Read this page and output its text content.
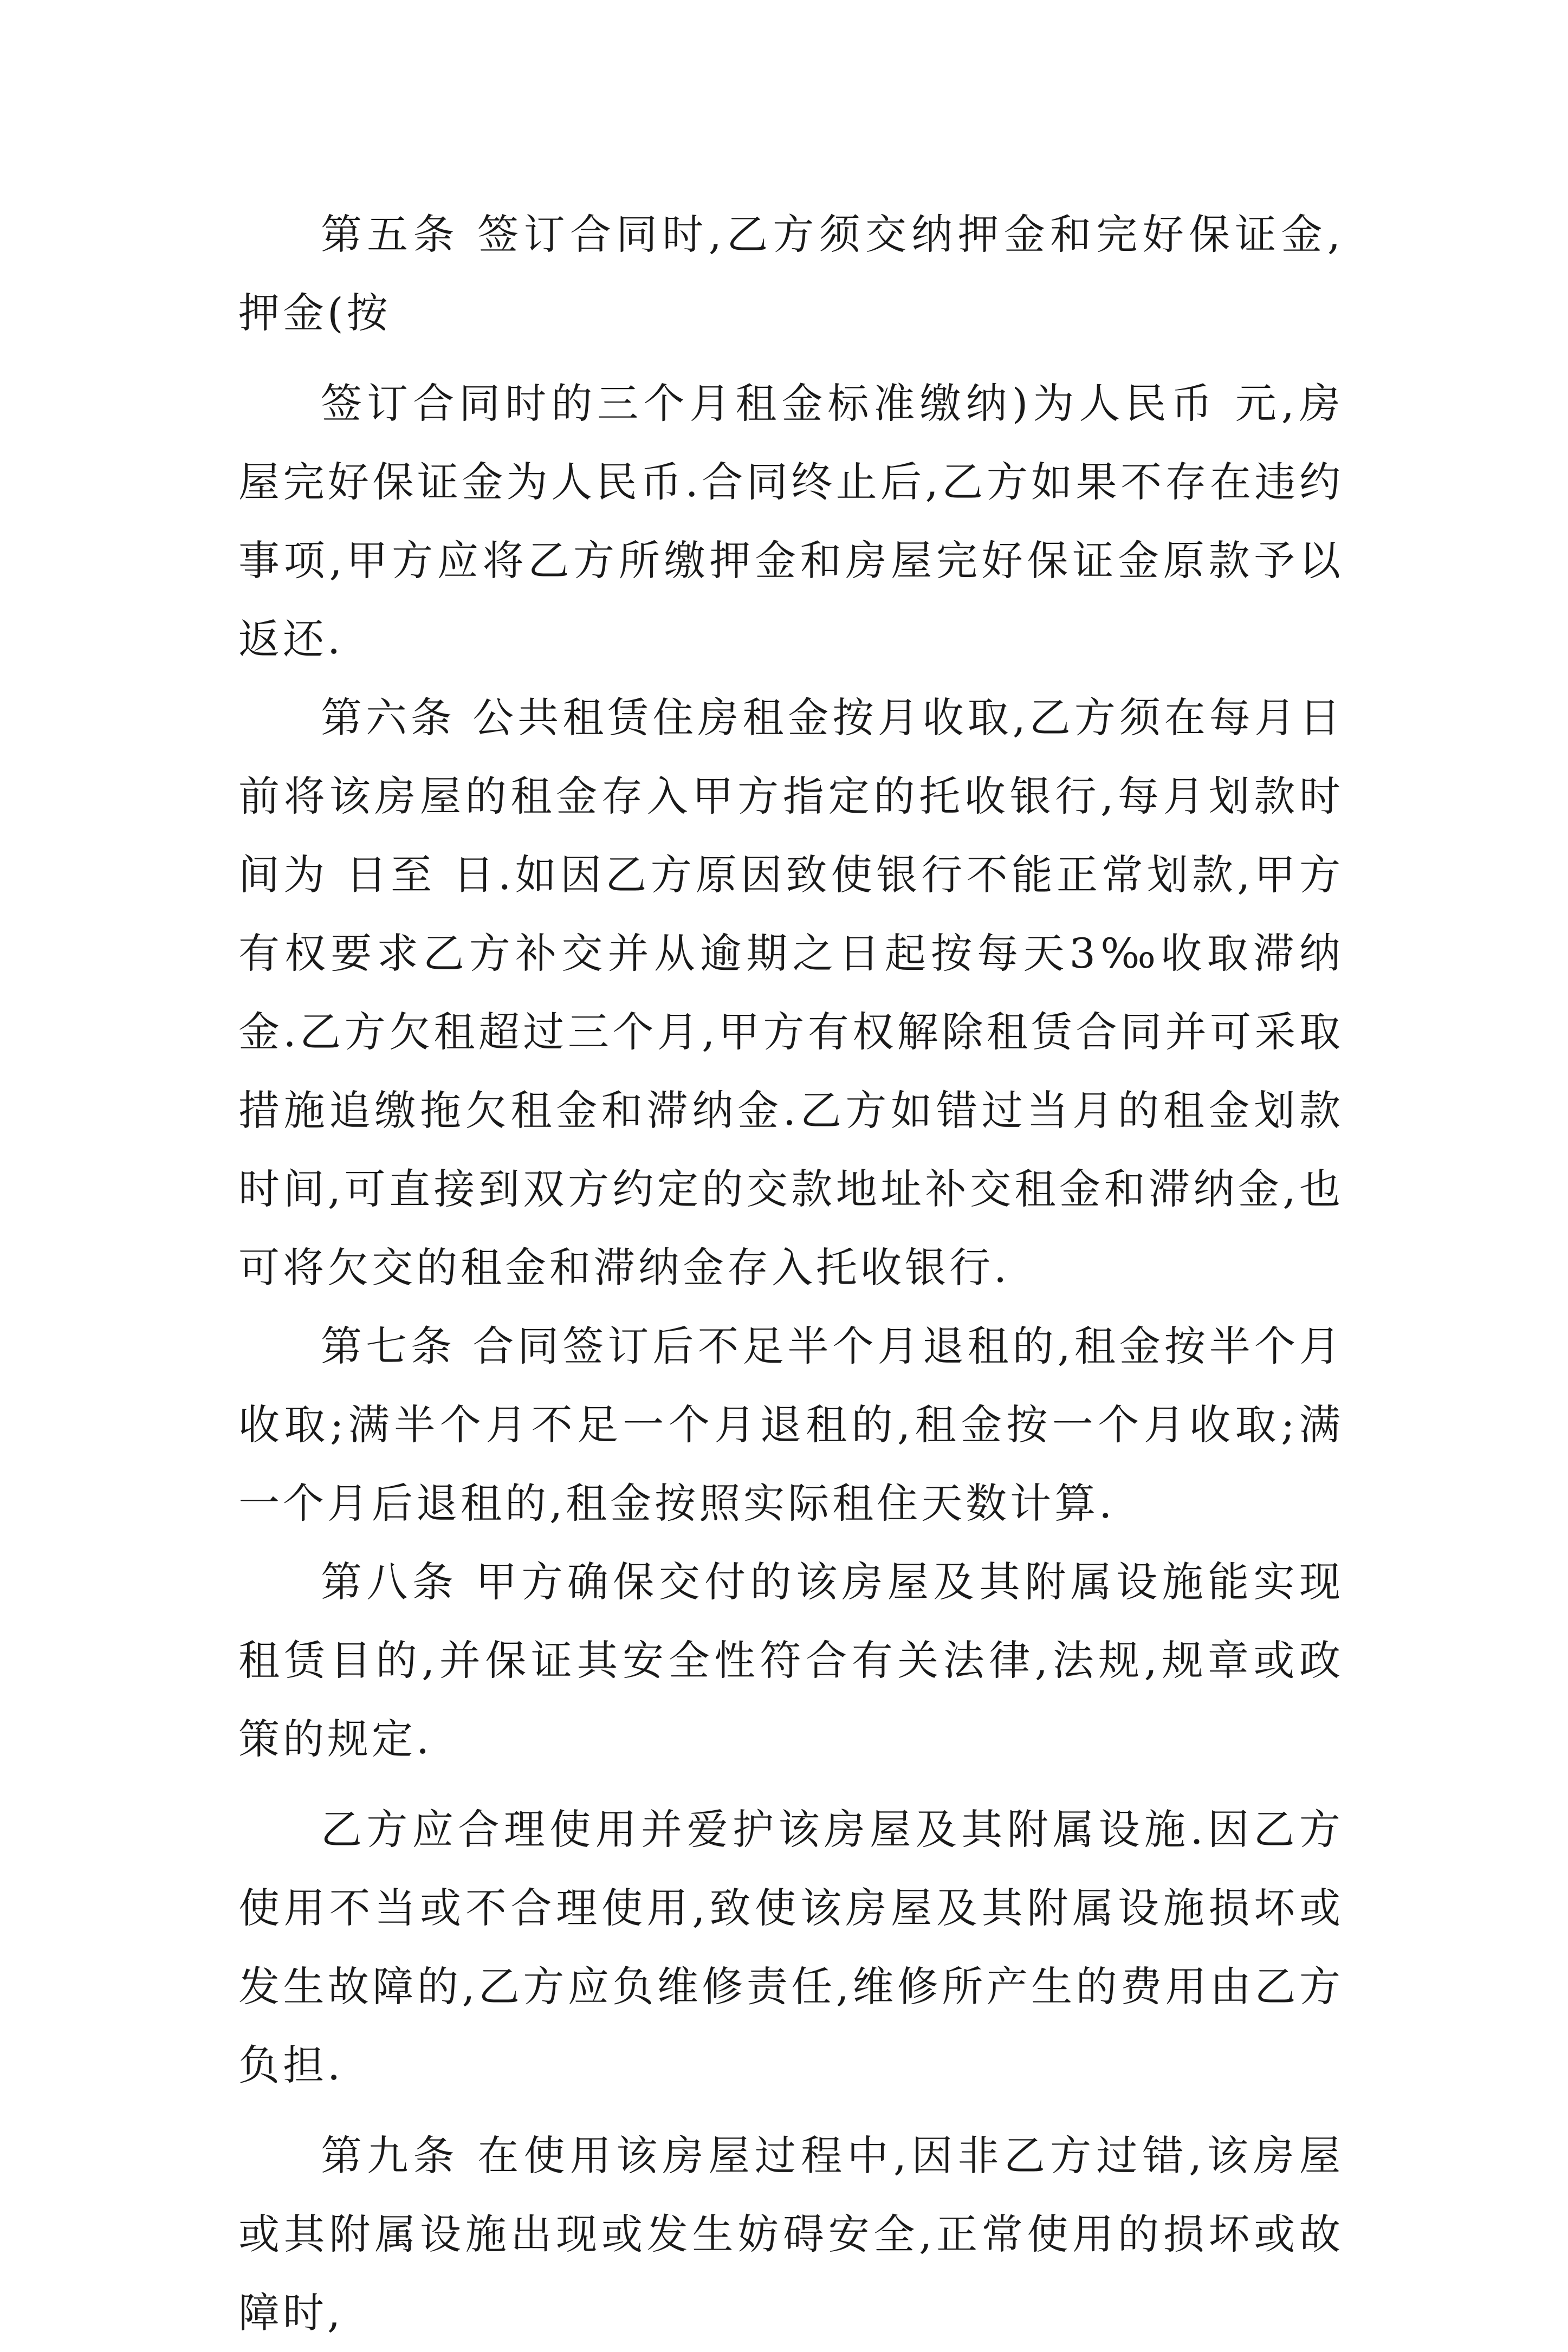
第五条 签订合同时,乙方须交纳押金和完好保证金,押金(按

签订合同时的三个月租金标准缴纳)为人民币 元,房屋完好保证金为人民币.合同终止后,乙方如果不存在违约事项,甲方应将乙方所缴押金和房屋完好保证金原款予以返还.

第六条 公共租赁住房租金按月收取,乙方须在每月日前将该房屋的租金存入甲方指定的托收银行,每月划款时间为 日至 日.如因乙方原因致使银行不能正常划款,甲方有权要求乙方补交并从逾期之日起按每天3‰收取滞纳金.乙方欠租超过三个月,甲方有权解除租赁合同并可采取措施追缴拖欠租金和滞纳金.乙方如错过当月的租金划款时间,可直接到双方约定的交款地址补交租金和滞纳金,也可将欠交的租金和滞纳金存入托收银行.

第七条 合同签订后不足半个月退租的,租金按半个月收取;满半个月不足一个月退租的,租金按一个月收取;满一个月后退租的,租金按照实际租住天数计算.

第八条 甲方确保交付的该房屋及其附属设施能实现租赁目的,并保证其安全性符合有关法律,法规,规章或政策的规定.

乙方应合理使用并爱护该房屋及其附属设施.因乙方使用不当或不合理使用,致使该房屋及其附属设施损坏或发生故障的,乙方应负维修责任,维修所产生的费用由乙方负担.

第九条 在使用该房屋过程中,因非乙方过错,该房屋或其附属设施出现或发生妨碍安全,正常使用的损坏或故障时,
